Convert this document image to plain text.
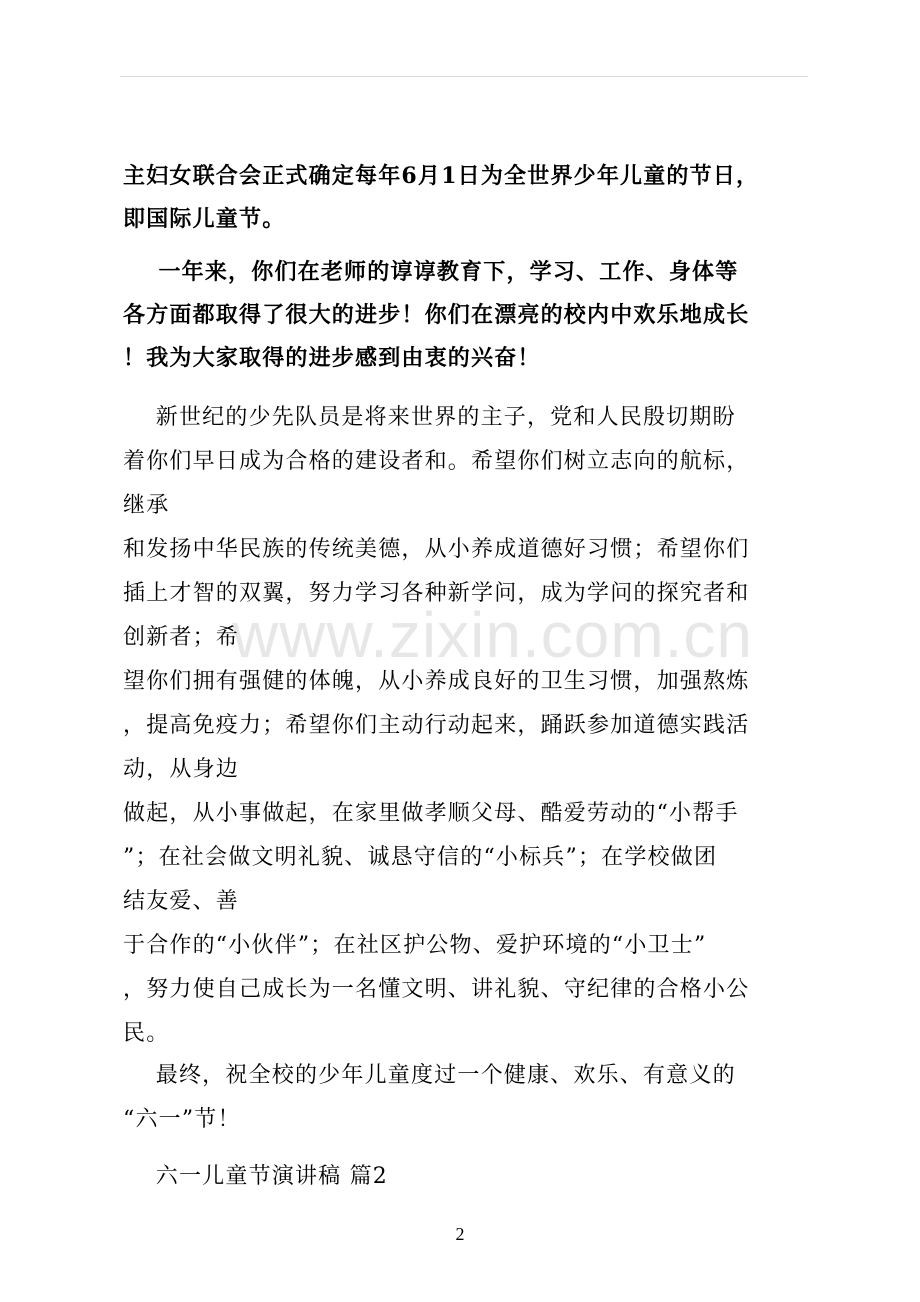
主妇女联合会正式确定每年6月1日为全世界少年儿童的节日，
即国际儿童节。

一年来，你们在老师的谆谆教育下，学习、工作、身体等
各方面都取得了很大的进步！你们在漂亮的校内中欢乐地成长
！我为大家取得的进步感到由衷的兴奋！

新世纪的少先队员是将来世界的主子，党和人民殷切期盼
着你们早日成为合格的建设者和。希望你们树立志向的航标，
继承
和发扬中华民族的传统美德，从小养成道德好习惯；希望你们
插上才智的双翼，努力学习各种新学问，成为学问的探究者和
创新者；希
望你们拥有强健的体魄，从小养成良好的卫生习惯，加强熬炼
，提高免疫力；希望你们主动行动起来，踊跃参加道德实践活
动，从身边
做起，从小事做起，在家里做孝顺父母、酷爱劳动的“小帮手
”；在社会做文明礼貌、诚恳守信的“小标兵”；在学校做团
结友爱、善
于合作的“小伙伴”；在社区护公物、爱护环境的“小卫士”
，努力使自己成长为一名懂文明、讲礼貌、守纪律的合格小公
民。

最终，祝全校的少年儿童度过一个健康、欢乐、有意义的
“六一”节！

六一儿童节演讲稿 篇2

www.zixin.com.cn
2
